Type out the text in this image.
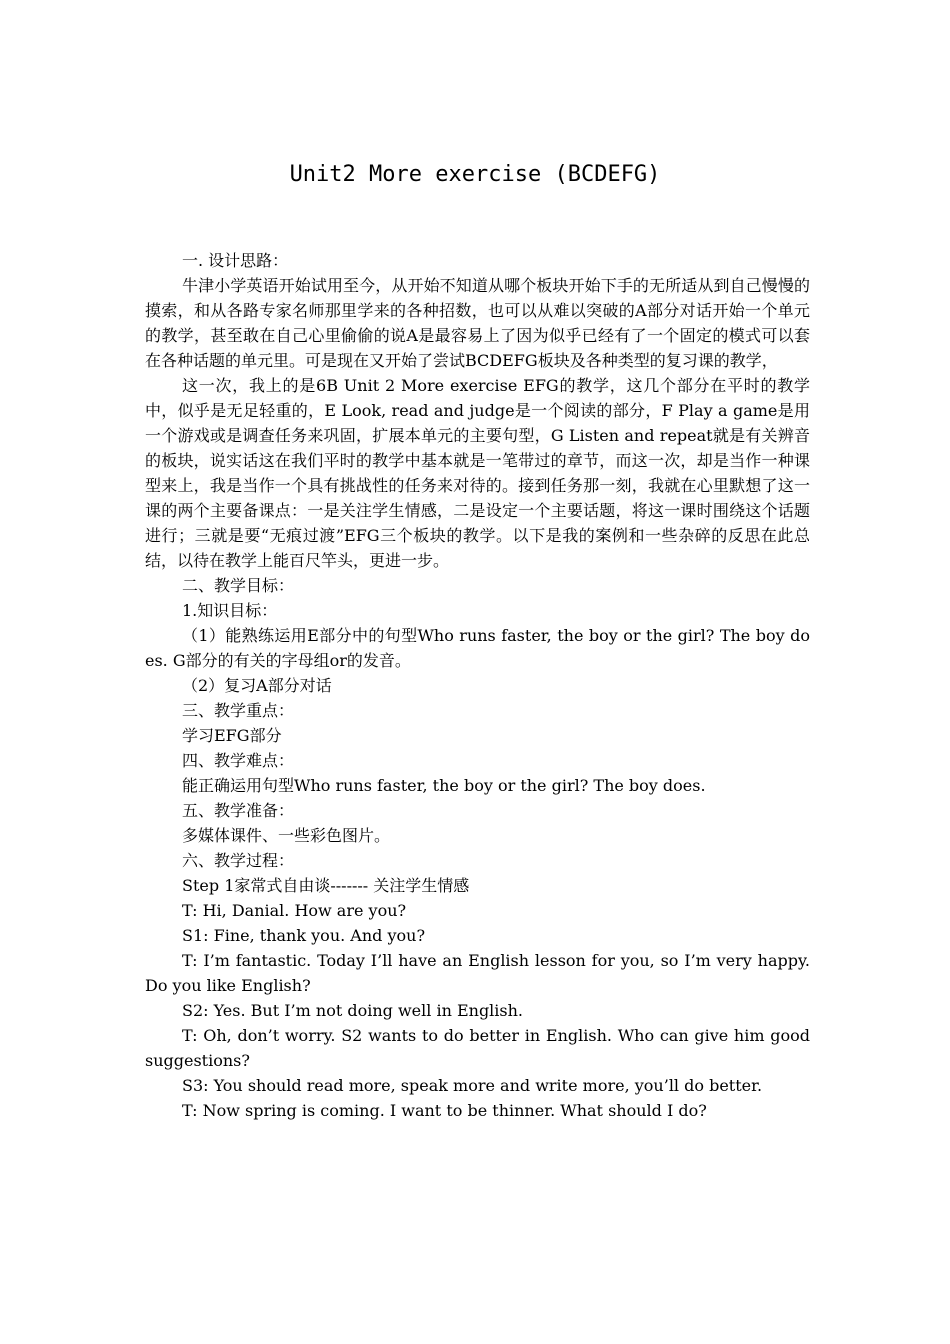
Unit2 More exercise (BCDEFG)

一. 设计思路：

牛津小学英语开始试用至今，从开始不知道从哪个板块开始下手的无所适从到自己慢慢的摸索，和从各路专家名师那里学来的各种招数，也可以从难以突破的A部分对话开始一个单元的教学，甚至敢在自己心里偷偷的说A是最容易上了因为似乎已经有了一个固定的模式可以套在各种话题的单元里。可是现在又开始了尝试BCDEFG板块及各种类型的复习课的教学，

这一次，我上的是6B Unit 2 More exercise EFG的教学，这几个部分在平时的教学中，似乎是无足轻重的，E Look, read and judge是一个阅读的部分，F Play a game是用一个游戏或是调查任务来巩固，扩展本单元的主要句型，G Listen and repeat就是有关辨音的板块，说实话这在我们平时的教学中基本就是一笔带过的章节，而这一次，却是当作一种课型来上，我是当作一个具有挑战性的任务来对待的。接到任务那一刻，我就在心里默想了这一课的两个主要备课点：一是关注学生情感，二是设定一个主要话题，将这一课时围绕这个话题进行；三就是要“无痕过渡”EFG三个板块的教学。以下是我的案例和一些杂碎的反思在此总结，以待在教学上能百尺竿头，更进一步。

二、教学目标：

1.知识目标：

（1）能熟练运用E部分中的句型Who runs faster, the boy or the girl? The boy does. G部分的有关的字母组or的发音。

（2）复习A部分对话

三、教学重点：

学习EFG部分

四、教学难点：

能正确运用句型Who runs faster, the boy or the girl? The boy does.

五、教学准备：

多媒体课件、一些彩色图片。

六、教学过程：

Step 1家常式自由谈------- 关注学生情感

T: Hi, Danial. How are you?

S1: Fine, thank you. And you?

T: I’m fantastic. Today I’ll have an English lesson for you, so I’m very happy. Do you like English?

S2: Yes. But I’m not doing well in English.

T: Oh, don’t worry. S2 wants to do better in English. Who can give him good suggestions?

S3: You should read more, speak more and write more, you’ll do better.

T: Now spring is coming. I want to be thinner. What should I do?
